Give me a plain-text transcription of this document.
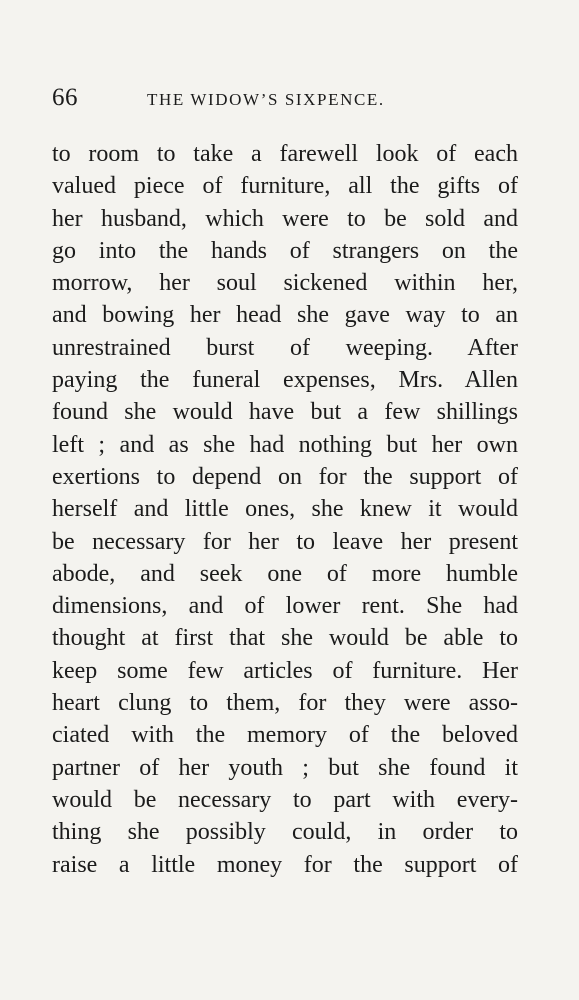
66	THE WIDOW’S SIXPENCE.
to room to take a farewell look of each
valued piece of furniture, all the gifts of
her husband, which were to be sold and
go into the hands of strangers on the
morrow, her soul sickened within her,
and bowing her head she gave way to an
unrestrained burst of weeping. After
paying the funeral expenses, Mrs. Allen
found she would have but a few shillings
left ; and as she had nothing but her own
exertions to depend on for the support of
herself and little ones, she knew it would
be necessary for her to leave her present
abode, and seek one of more humble
dimensions, and of lower rent. She had
thought at first that she would be able to
keep some few articles of furniture. Her
heart clung to them, for they were asso-
ciated with the memory of the beloved
partner of her youth ; but she found it
would be necessary to part with every-
thing she possibly could, in order to
raise a little money for the support of
